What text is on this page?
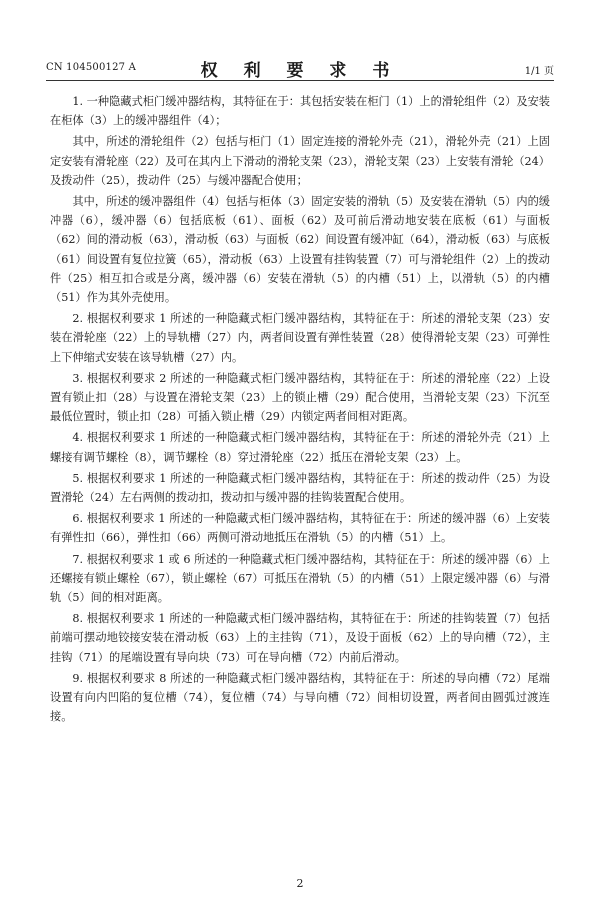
CN 104500127 A	权 利 要 求 书	1/1 页

1. 一种隐藏式柜门缓冲器结构，其特征在于：其包括安装在柜门（1）上的滑轮组件（2）及安装在柜体（3）上的缓冲器组件（4）；

其中，所述的滑轮组件（2）包括与柜门（1）固定连接的滑轮外壳（21），滑轮外壳（21）上固定安装有滑轮座（22）及可在其内上下滑动的滑轮支架（23），滑轮支架（23）上安装有滑轮（24）及拨动件（25），拨动件（25）与缓冲器配合使用；

其中，所述的缓冲器组件（4）包括与柜体（3）固定安装的滑轨（5）及安装在滑轨（5）内的缓冲器（6），缓冲器（6）包括底板（61）、面板（62）及可前后滑动地安装在底板（61）与面板（62）间的滑动板（63），滑动板（63）与面板（62）间设置有缓冲缸（64），滑动板（63）与底板（61）间设置有复位拉簧（65），滑动板（63）上设置有挂钩装置（7）可与滑轮组件（2）上的拨动件（25）相互扣合或是分离，缓冲器（6）安装在滑轨（5）的内槽（51）上，以滑轨（5）的内槽（51）作为其外壳使用。

2. 根据权利要求 1 所述的一种隐藏式柜门缓冲器结构，其特征在于：所述的滑轮支架（23）安装在滑轮座（22）上的导轨槽（27）内，两者间设置有弹性装置（28）使得滑轮支架（23）可弹性上下伸缩式安装在该导轨槽（27）内。

3. 根据权利要求 2 所述的一种隐藏式柜门缓冲器结构，其特征在于：所述的滑轮座（22）上设置有锁止扣（28）与设置在滑轮支架（23）上的锁止槽（29）配合使用，当滑轮支架（23）下沉至最低位置时，锁止扣（28）可插入锁止槽（29）内锁定两者间相对距离。

4. 根据权利要求 1 所述的一种隐藏式柜门缓冲器结构，其特征在于：所述的滑轮外壳（21）上螺接有调节螺栓（8），调节螺栓（8）穿过滑轮座（22）抵压在滑轮支架（23）上。

5. 根据权利要求 1 所述的一种隐藏式柜门缓冲器结构，其特征在于：所述的拨动件（25）为设置滑轮（24）左右两侧的拨动扣，拨动扣与缓冲器的挂钩装置配合使用。

6. 根据权利要求 1 所述的一种隐藏式柜门缓冲器结构，其特征在于：所述的缓冲器（6）上安装有弹性扣（66），弹性扣（66）两侧可滑动地抵压在滑轨（5）的内槽（51）上。

7. 根据权利要求 1 或 6 所述的一种隐藏式柜门缓冲器结构，其特征在于：所述的缓冲器（6）上还螺接有锁止螺栓（67），锁止螺栓（67）可抵压在滑轨（5）的内槽（51）上限定缓冲器（6）与滑轨（5）间的相对距离。

8. 根据权利要求 1 所述的一种隐藏式柜门缓冲器结构，其特征在于：所述的挂钩装置（7）包括前端可摆动地铰接安装在滑动板（63）上的主挂钩（71），及设于面板（62）上的导向槽（72），主挂钩（71）的尾端设置有导向块（73）可在导向槽（72）内前后滑动。

9. 根据权利要求 8 所述的一种隐藏式柜门缓冲器结构，其特征在于：所述的导向槽（72）尾端设置有向内凹陷的复位槽（74），复位槽（74）与导向槽（72）间相切设置，两者间由圆弧过渡连接。

2
